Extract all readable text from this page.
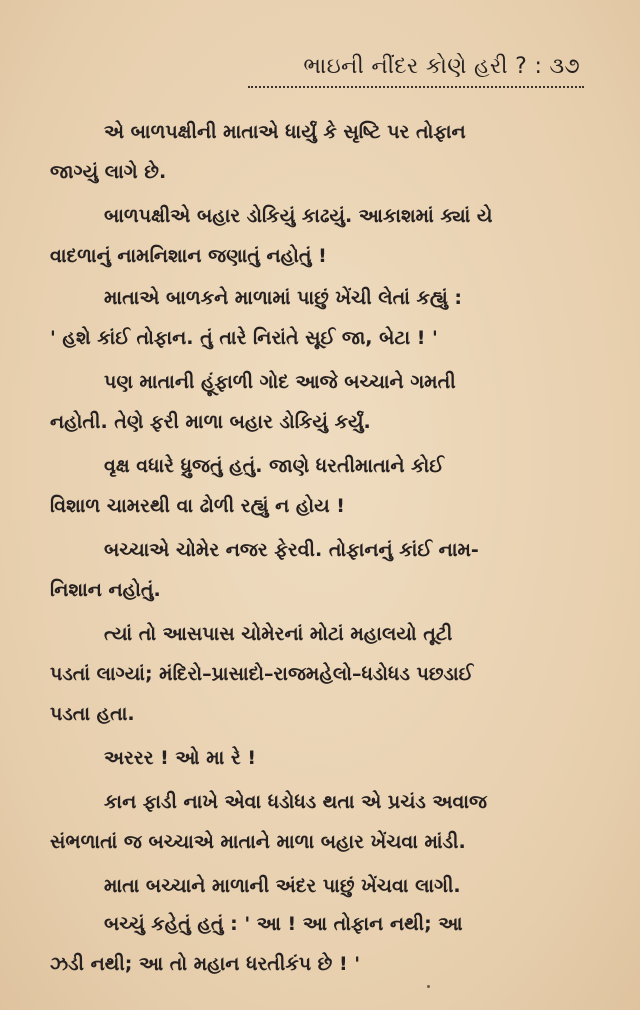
ભાઇની નીંદર કોણે હરી ? : ૩૭
એ બાળપક્ષીની માતાએ ધાર્યું કે સૃષ્ટિ પર તોફાન
જાગ્યું લાગે છે.
બાળપક્ષીએ બહાર ડોકિયું કાઢયું. આકાશમાં ક્યાં યે
વાદળાનું નામનિશાન જણાતું નહોતું !
માતાએ બાળકને માળામાં પાછું ખેંચી લેતાં કહ્યું :
' હશે કાંઈ તોફાન. તું તારે નિરાંતે સૂઈ જા, બેટા ! '
પણ માતાની હૂંફાળી ગોદ આજે બચ્ચાને ગમતી
નહોતી. તેણે ફરી માળા બહાર ડોકિયું કર્યું.
વૃક્ષ વધારે ધ્રુજતું હતું. જાણે ધરતીમાતાને કોઈ
વિશાળ ચામરથી વા ઢોળી રહ્યું ન હોય !
બચ્ચાએ ચોમેર નજર ફેરવી. તોફાનનું કાંઈ નામ-
નિશાન નહોતું.
ત્યાં તો આસપાસ ચોમેરનાં મોટાં મહાલયો તૂટી
પડતાં લાગ્યાં; મંદિરો–પ્રાસાદો–રાજમહેલો–ધડોધડ પછડાઈ
પડતા હતા.
અરરર ! ઓ મા રે !
કાન ફાડી નાખે એવા ધડોધડ થતા એ પ્રચંડ અવાજ
સંભળાતાં જ બચ્ચાએ માતાને માળા બહાર ખેંચવા માંડી.
માતા બચ્ચાને માળાની અંદર પાછું ખેંચવા લાગી.
બચ્ચું કહેતું હતું : ' આ ! આ તોફાન નથી; આ
ઝડી નથી; આ તો મહાન ધરતીકંપ છે ! '
